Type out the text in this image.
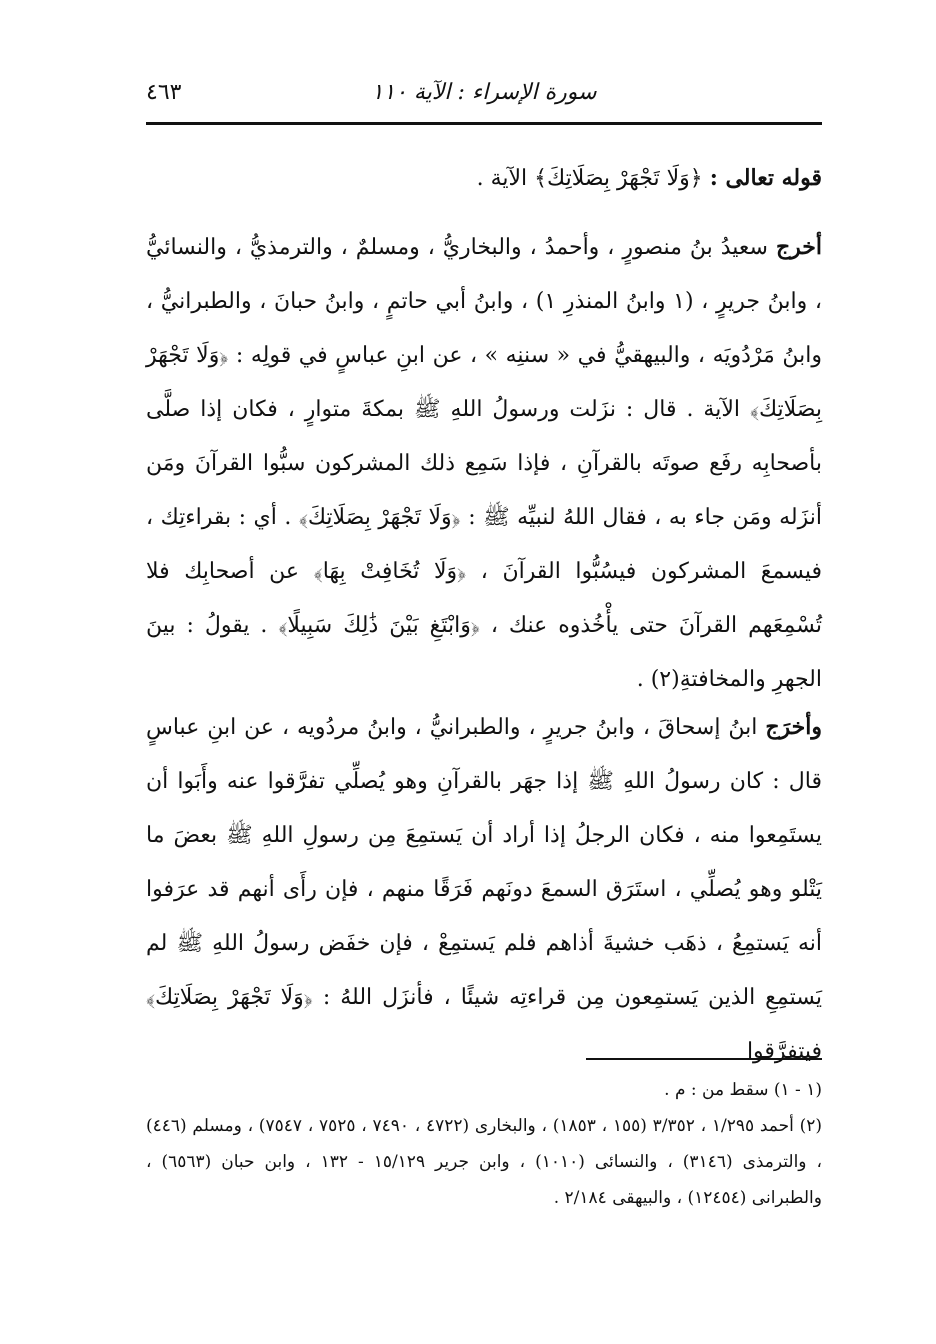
سورة الإسراء : الآية ١١٠
٤٦٣
قوله تعالى : ﴿وَلَا تَجْهَرْ بِصَلَاتِكَ﴾ الآية .
أخرج سعيدُ بنُ منصورٍ ، وأحمدُ ، والبخاريُّ ، ومسلمٌ ، والترمذيُّ ، والنسائيُّ ، وابنُ جريرٍ ، (١ وابنُ المنذرِ ١) ، وابنُ أبي حاتمٍ ، وابنُ حبانَ ، والطبرانيُّ ، وابنُ مَرْدُويَه ، والبيهقيُّ في « سننِه » ، عن ابنِ عباسٍ في قولِه : ﴿وَلَا تَجْهَرْ بِصَلَاتِكَ﴾ الآية . قال : نزَلت ورسولُ اللهِ ﷺ بمكةَ متوارٍ ، فكان إذا صلَّى بأصحابِه رفَع صوتَه بالقرآنِ ، فإذا سَمِع ذلك المشركون سبُّوا القرآنَ ومَن أنزَله ومَن جاء به ، فقال اللهُ لنبيِّه ﷺ : ﴿وَلَا تَجْهَرْ بِصَلَاتِكَ﴾ . أي : بقراءتِك ، فيسمعَ المشركون فيسُبُّوا القرآنَ ، ﴿وَلَا تُخَافِتْ بِهَا﴾ عن أصحابِك فلا تُسْمِعَهم القرآنَ حتى يأْخُذوه عنك ، ﴿وَابْتَغِ بَيْنَ ذَٰلِكَ سَبِيلًا﴾ . يقولُ : بينَ الجهرِ والمخافتةِ(٢) .
وأخرَج ابنُ إسحاقَ ، وابنُ جريرٍ ، والطبرانيُّ ، وابنُ مردُويه ، عن ابنِ عباسٍ قال : كان رسولُ اللهِ ﷺ إذا جهَر بالقرآنِ وهو يُصلِّي تفرَّقوا عنه وأَبَوا أن يستَمِعوا منه ، فكان الرجلُ إذا أراد أن يَستمِعَ مِن رسولِ اللهِ ﷺ بعضَ ما يَتْلو وهو يُصلِّي ، استَرَق السمعَ دونَهم فَرَقًا منهم ، فإن رأَى أنهم قد عرَفوا أنه يَستمِعُ ، ذهَب خشيةَ أذاهم فلم يَستمِعْ ، فإن خفَض رسولُ اللهِ ﷺ لم يَستمِعِ الذين يَستمِعون مِن قراءتِه شيئًا ، فأنزَل اللهُ : ﴿وَلَا تَجْهَرْ بِصَلَاتِكَ﴾ فيتفرَّقوا

(١ - ١) سقط من : م .

(٢) أحمد ١/٢٩٥ ، ٣/٣٥٢ (١٥٥ ، ١٨٥٣) ، والبخارى (٤٧٢٢ ، ٧٤٩٠ ، ٧٥٢٥ ، ٧٥٤٧) ، ومسلم (٤٤٦) ، والترمذى (٣١٤٦) ، والنسائى (١٠١٠) ، وابن جرير ١٥/١٢٩ - ١٣٢ ، وابن حبان (٦٥٦٣) ، والطبرانى (١٢٤٥٤) ، والبيهقى ٢/١٨٤ .
